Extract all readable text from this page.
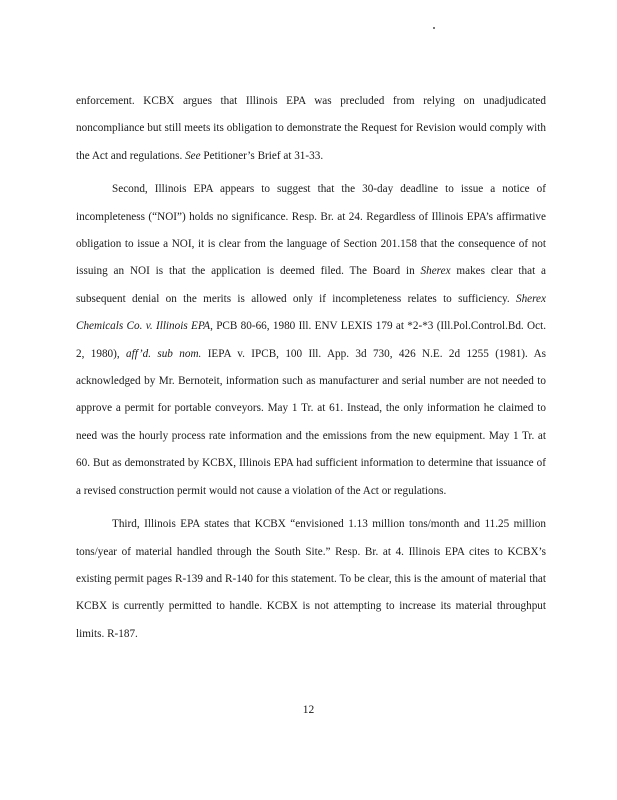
enforcement. KCBX argues that Illinois EPA was precluded from relying on unadjudicated noncompliance but still meets its obligation to demonstrate the Request for Revision would comply with the Act and regulations. See Petitioner’s Brief at 31-33.

Second, Illinois EPA appears to suggest that the 30-day deadline to issue a notice of incompleteness (“NOI”) holds no significance. Resp. Br. at 24. Regardless of Illinois EPA’s affirmative obligation to issue a NOI, it is clear from the language of Section 201.158 that the consequence of not issuing an NOI is that the application is deemed filed. The Board in Sherex makes clear that a subsequent denial on the merits is allowed only if incompleteness relates to sufficiency. Sherex Chemicals Co. v. Illinois EPA, PCB 80-66, 1980 Ill. ENV LEXIS 179 at *2-*3 (Ill.Pol.Control.Bd. Oct. 2, 1980), aff’d. sub nom. IEPA v. IPCB, 100 Ill. App. 3d 730, 426 N.E. 2d 1255 (1981). As acknowledged by Mr. Bernoteit, information such as manufacturer and serial number are not needed to approve a permit for portable conveyors. May 1 Tr. at 61. Instead, the only information he claimed to need was the hourly process rate information and the emissions from the new equipment. May 1 Tr. at 60. But as demonstrated by KCBX, Illinois EPA had sufficient information to determine that issuance of a revised construction permit would not cause a violation of the Act or regulations.

Third, Illinois EPA states that KCBX “envisioned 1.13 million tons/month and 11.25 million tons/year of material handled through the South Site.” Resp. Br. at 4. Illinois EPA cites to KCBX’s existing permit pages R-139 and R-140 for this statement. To be clear, this is the amount of material that KCBX is currently permitted to handle. KCBX is not attempting to increase its material throughput limits. R-187.

12
